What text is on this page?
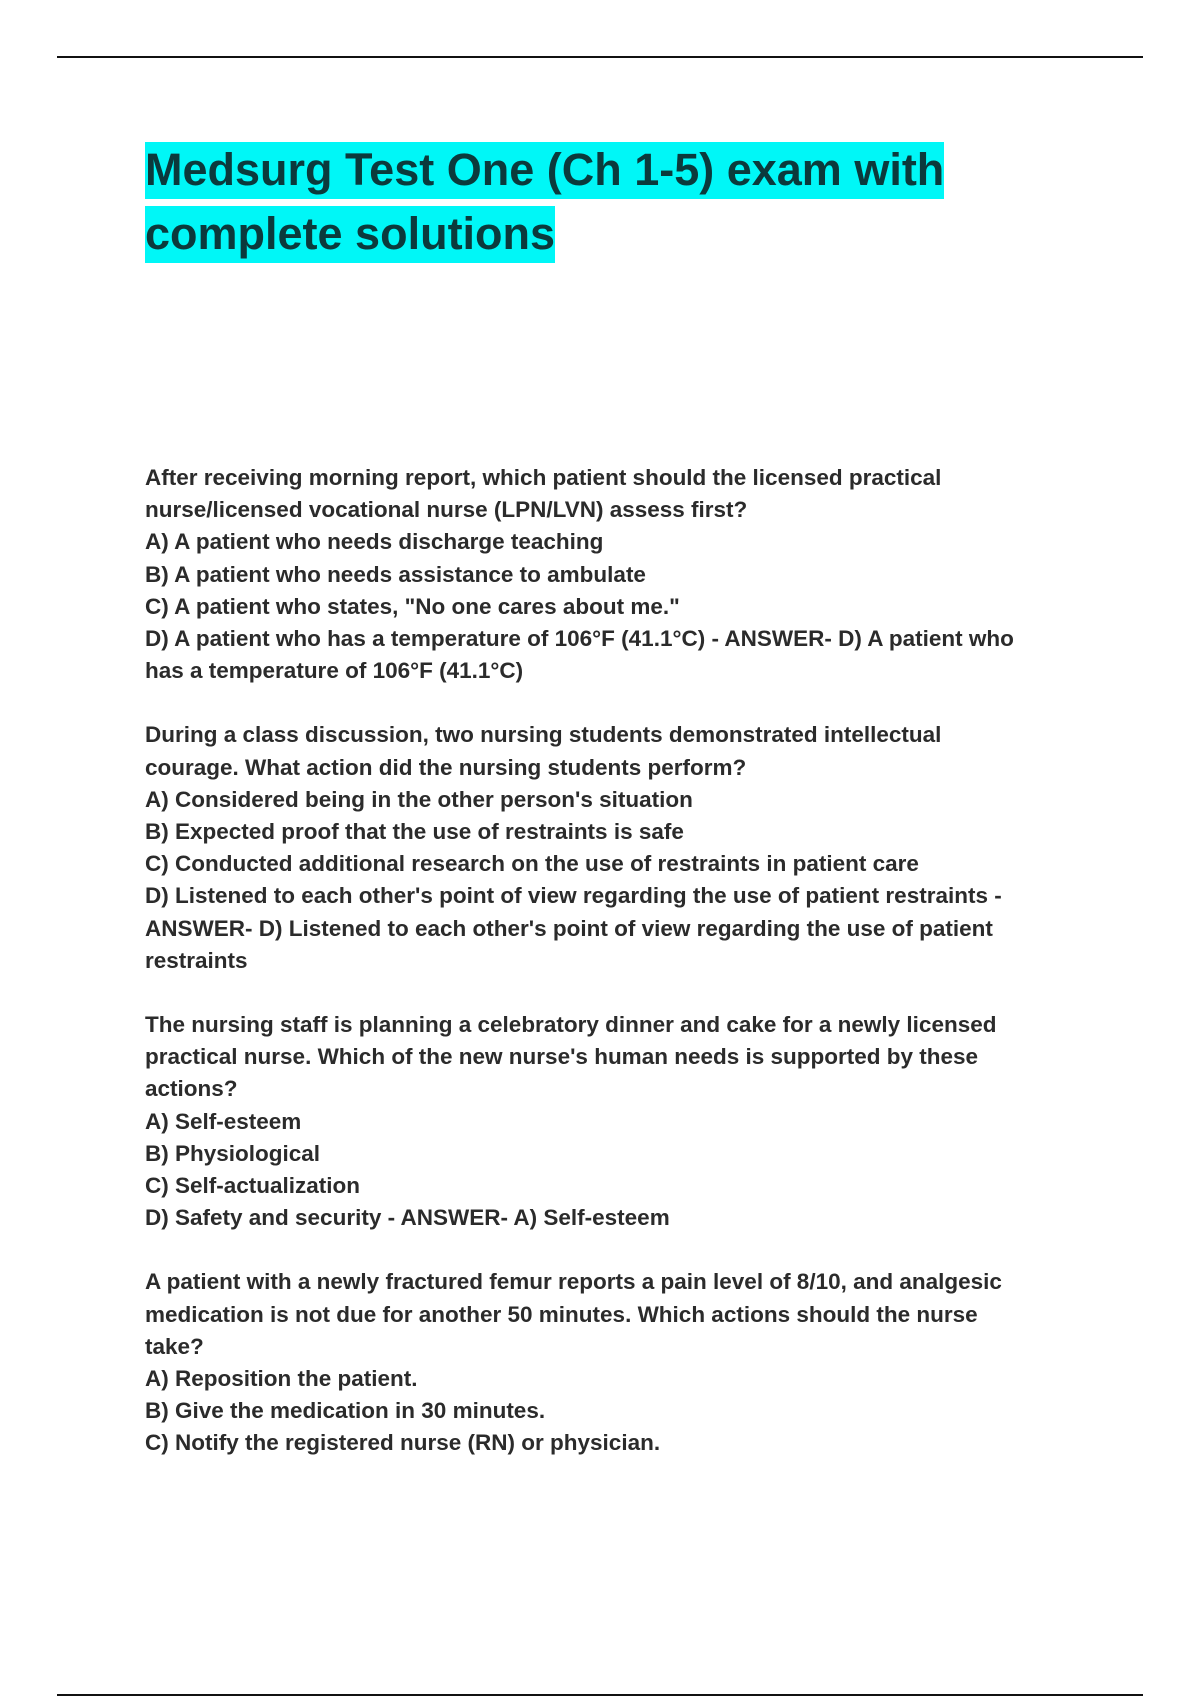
Medsurg Test One (Ch 1-5) exam with
complete solutions
After receiving morning report, which patient should the licensed practical
nurse/licensed vocational nurse (LPN/LVN) assess first?
A) A patient who needs discharge teaching
B) A patient who needs assistance to ambulate
C) A patient who states, "No one cares about me."
D) A patient who has a temperature of 106°F (41.1°C) - ANSWER- D) A patient who
has a temperature of 106°F (41.1°C)
During a class discussion, two nursing students demonstrated intellectual
courage. What action did the nursing students perform?
A) Considered being in the other person's situation
B) Expected proof that the use of restraints is safe
C) Conducted additional research on the use of restraints in patient care
D) Listened to each other's point of view regarding the use of patient restraints -
ANSWER- D) Listened to each other's point of view regarding the use of patient
restraints
The nursing staff is planning a celebratory dinner and cake for a newly licensed
practical nurse. Which of the new nurse's human needs is supported by these
actions?
A) Self-esteem
B) Physiological
C) Self-actualization
D) Safety and security - ANSWER- A) Self-esteem
A patient with a newly fractured femur reports a pain level of 8/10, and analgesic
medication is not due for another 50 minutes. Which actions should the nurse
take?
A) Reposition the patient.
B) Give the medication in 30 minutes.
C) Notify the registered nurse (RN) or physician.
